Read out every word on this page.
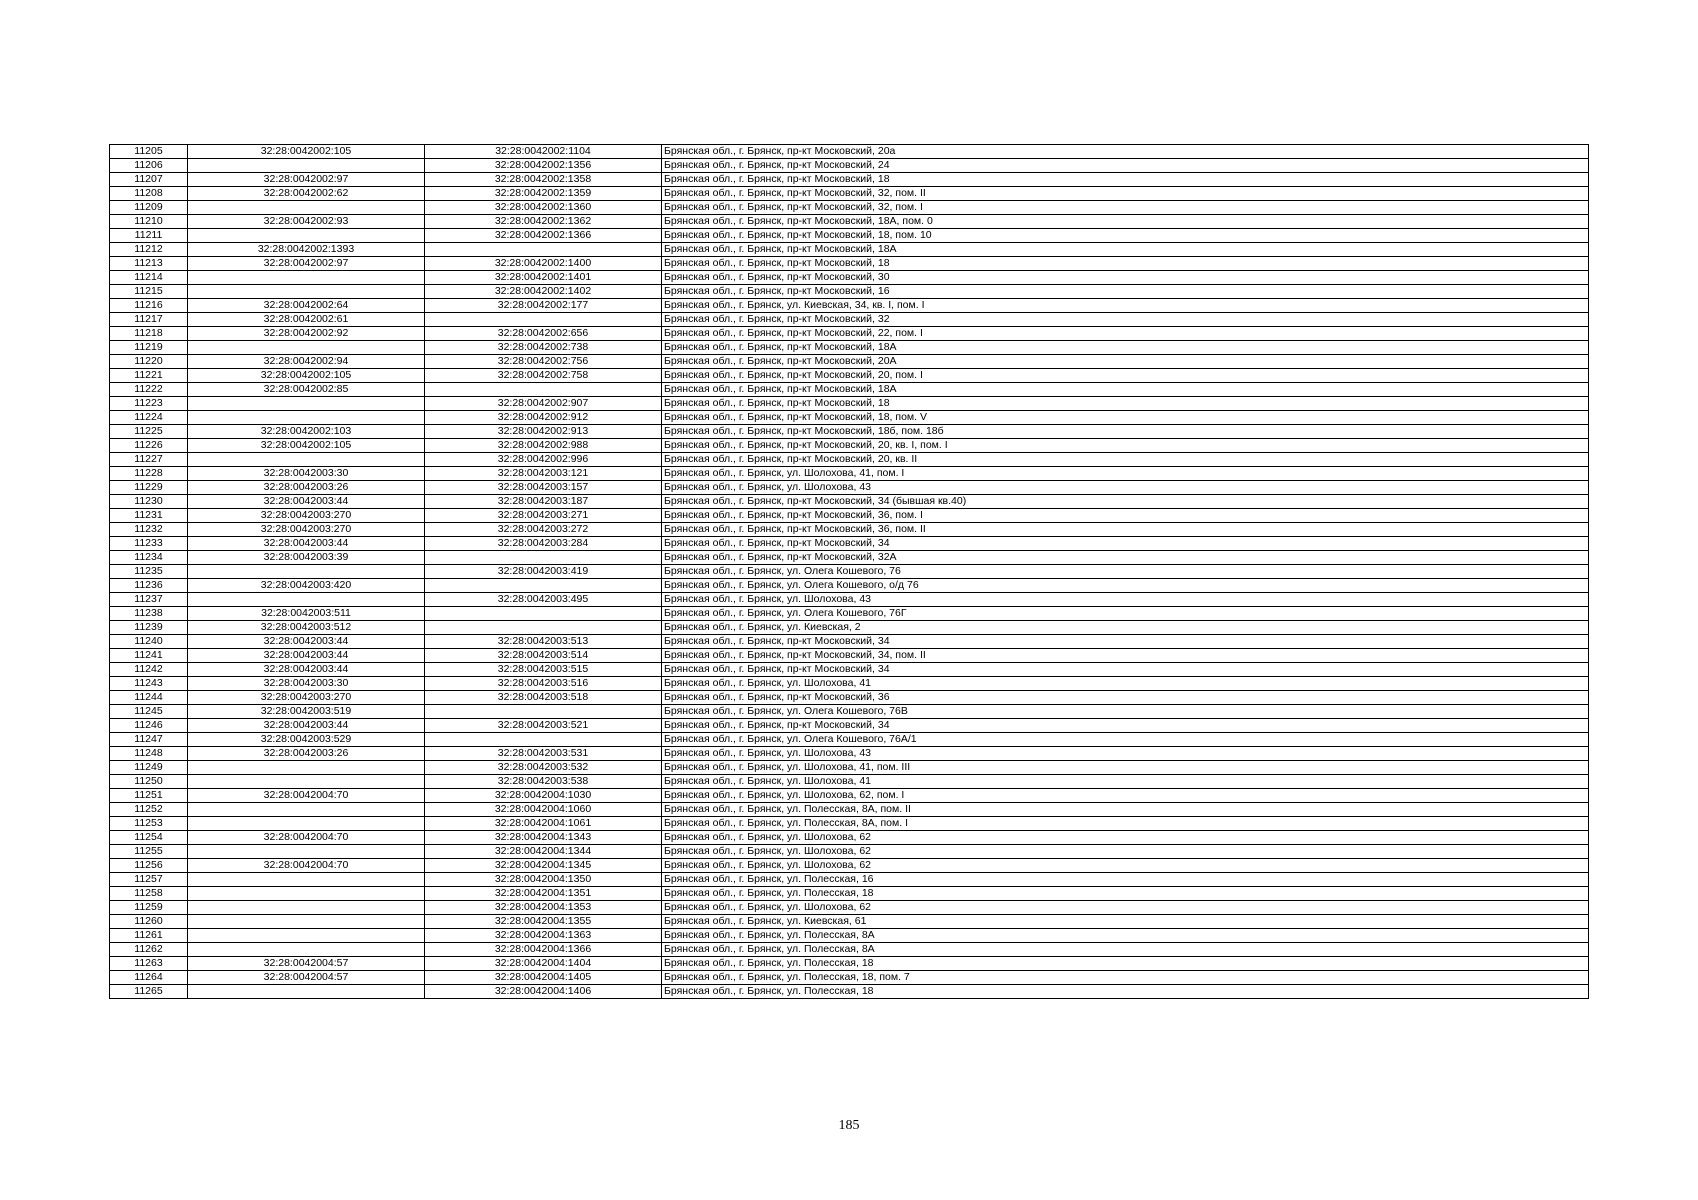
11205	32:28:0042002:105	32:28:0042002:1104	Брянская обл., г. Брянск, пр-кт Московский, 20а
11206		32:28:0042002:1356	Брянская обл., г. Брянск, пр-кт Московский, 24
11207	32:28:0042002:97	32:28:0042002:1358	Брянская обл., г. Брянск, пр-кт Московский, 18
11208	32:28:0042002:62	32:28:0042002:1359	Брянская обл., г. Брянск, пр-кт Московский, 32, пом. II
11209		32:28:0042002:1360	Брянская обл., г. Брянск, пр-кт Московский, 32, пом. I
11210	32:28:0042002:93	32:28:0042002:1362	Брянская обл., г. Брянск, пр-кт Московский, 18А, пом. 0
11211		32:28:0042002:1366	Брянская обл., г. Брянск, пр-кт Московский, 18, пом. 10
11212	32:28:0042002:1393		Брянская обл., г. Брянск, пр-кт Московский, 18А
11213	32:28:0042002:97	32:28:0042002:1400	Брянская обл., г. Брянск, пр-кт Московский, 18
11214		32:28:0042002:1401	Брянская обл., г. Брянск, пр-кт Московский, 30
11215		32:28:0042002:1402	Брянская обл., г. Брянск, пр-кт Московский, 16
11216	32:28:0042002:64	32:28:0042002:177	Брянская обл., г. Брянск, ул. Киевская, 34, кв. I, пом. I
11217	32:28:0042002:61		Брянская обл., г. Брянск, пр-кт Московский, 32
11218	32:28:0042002:92	32:28:0042002:656	Брянская обл., г. Брянск, пр-кт Московский, 22, пом. I
11219		32:28:0042002:738	Брянская обл., г. Брянск, пр-кт Московский, 18А
11220	32:28:0042002:94	32:28:0042002:756	Брянская обл., г. Брянск, пр-кт Московский, 20А
11221	32:28:0042002:105	32:28:0042002:758	Брянская обл., г. Брянск, пр-кт Московский, 20, пом. I
11222	32:28:0042002:85		Брянская обл., г. Брянск, пр-кт Московский, 18А
11223		32:28:0042002:907	Брянская обл., г. Брянск, пр-кт Московский, 18
11224		32:28:0042002:912	Брянская обл., г. Брянск, пр-кт Московский, 18, пом. V
11225	32:28:0042002:103	32:28:0042002:913	Брянская обл., г. Брянск, пр-кт Московский, 18б, пом. 18б
11226	32:28:0042002:105	32:28:0042002:988	Брянская обл., г. Брянск, пр-кт Московский, 20, кв. I, пом. I
11227		32:28:0042002:996	Брянская обл., г. Брянск, пр-кт Московский, 20, кв. II
11228	32:28:0042003:30	32:28:0042003:121	Брянская обл., г. Брянск, ул. Шолохова, 41, пом. I
11229	32:28:0042003:26	32:28:0042003:157	Брянская обл., г. Брянск, ул. Шолохова, 43
11230	32:28:0042003:44	32:28:0042003:187	Брянская обл., г. Брянск, пр-кт Московский, 34 (бывшая кв.40)
11231	32:28:0042003:270	32:28:0042003:271	Брянская обл., г. Брянск, пр-кт Московский, 36, пом. I
11232	32:28:0042003:270	32:28:0042003:272	Брянская обл., г. Брянск, пр-кт Московский, 36, пом. II
11233	32:28:0042003:44	32:28:0042003:284	Брянская обл., г. Брянск, пр-кт Московский, 34
11234	32:28:0042003:39		Брянская обл., г. Брянск, пр-кт Московский, 32А
11235		32:28:0042003:419	Брянская обл., г. Брянск, ул. Олега Кошевого, 76
11236	32:28:0042003:420		Брянская обл., г. Брянск, ул. Олега Кошевого, о/д 76
11237		32:28:0042003:495	Брянская обл., г. Брянск, ул. Шолохова, 43
11238	32:28:0042003:511		Брянская обл., г. Брянск, ул. Олега Кошевого, 76Г
11239	32:28:0042003:512		Брянская обл., г. Брянск, ул. Киевская, 2
11240	32:28:0042003:44	32:28:0042003:513	Брянская обл., г. Брянск, пр-кт Московский, 34
11241	32:28:0042003:44	32:28:0042003:514	Брянская обл., г. Брянск, пр-кт Московский, 34, пом. II
11242	32:28:0042003:44	32:28:0042003:515	Брянская обл., г. Брянск, пр-кт Московский, 34
11243	32:28:0042003:30	32:28:0042003:516	Брянская обл., г. Брянск, ул. Шолохова, 41
11244	32:28:0042003:270	32:28:0042003:518	Брянская обл., г. Брянск, пр-кт Московский, 36
11245	32:28:0042003:519		Брянская обл., г. Брянск, ул. Олега Кошевого, 76В
11246	32:28:0042003:44	32:28:0042003:521	Брянская обл., г. Брянск, пр-кт Московский, 34
11247	32:28:0042003:529		Брянская обл., г. Брянск, ул. Олега Кошевого, 76А/1
11248	32:28:0042003:26	32:28:0042003:531	Брянская обл., г. Брянск, ул. Шолохова, 43
11249		32:28:0042003:532	Брянская обл., г. Брянск, ул. Шолохова, 41, пом. III
11250		32:28:0042003:538	Брянская обл., г. Брянск, ул. Шолохова, 41
11251	32:28:0042004:70	32:28:0042004:1030	Брянская обл., г. Брянск, ул. Шолохова, 62, пом. I
11252		32:28:0042004:1060	Брянская обл., г. Брянск, ул. Полесская, 8А, пом. II
11253		32:28:0042004:1061	Брянская обл., г. Брянск, ул. Полесская, 8А, пом. I
11254	32:28:0042004:70	32:28:0042004:1343	Брянская обл., г. Брянск, ул. Шолохова, 62
11255		32:28:0042004:1344	Брянская обл., г. Брянск, ул. Шолохова, 62
11256	32:28:0042004:70	32:28:0042004:1345	Брянская обл., г. Брянск, ул. Шолохова, 62
11257		32:28:0042004:1350	Брянская обл., г. Брянск, ул. Полесская, 16
11258		32:28:0042004:1351	Брянская обл., г. Брянск, ул. Полесская, 18
11259		32:28:0042004:1353	Брянская обл., г. Брянск, ул. Шолохова, 62
11260		32:28:0042004:1355	Брянская обл., г. Брянск, ул. Киевская, 61
11261		32:28:0042004:1363	Брянская обл., г. Брянск, ул. Полесская, 8А
11262		32:28:0042004:1366	Брянская обл., г. Брянск, ул. Полесская, 8А
11263	32:28:0042004:57	32:28:0042004:1404	Брянская обл., г. Брянск, ул. Полесская, 18
11264	32:28:0042004:57	32:28:0042004:1405	Брянская обл., г. Брянск, ул. Полесская, 18, пом. 7
11265		32:28:0042004:1406	Брянская обл., г. Брянск, ул. Полесская, 18
185
